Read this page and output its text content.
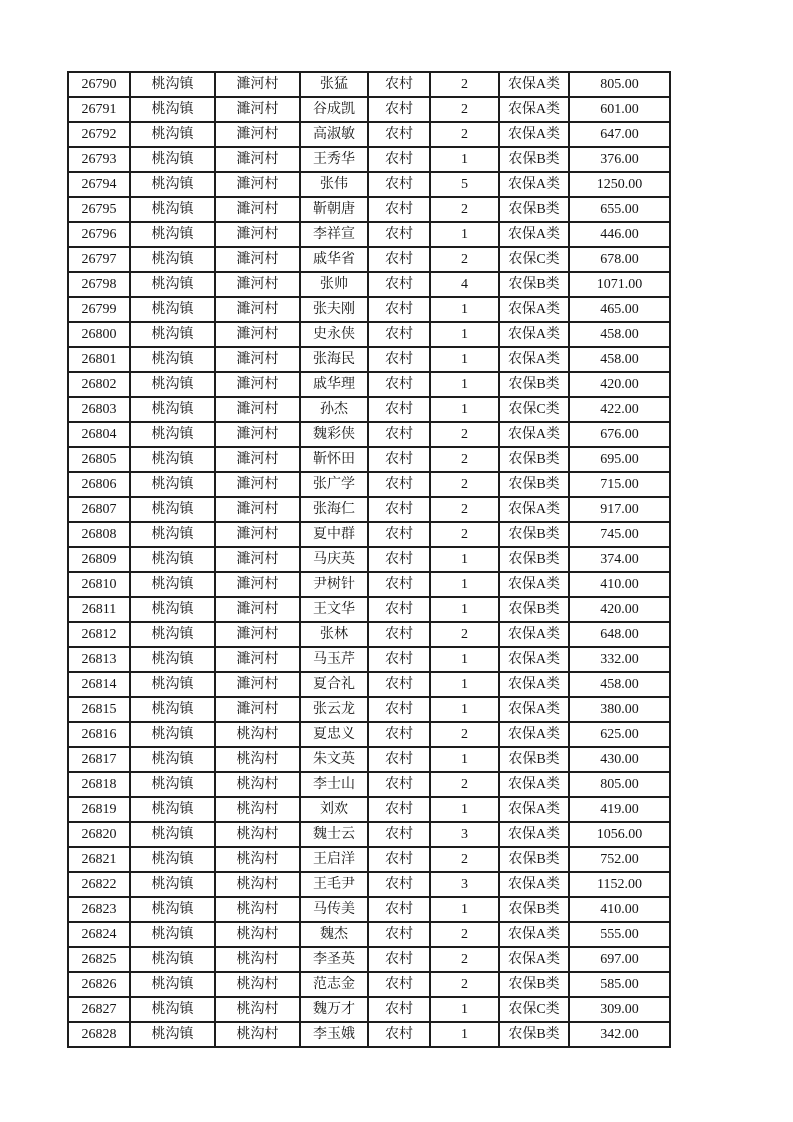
26790	桃沟镇	濉河村	张猛	农村	2	农保A类	805.00
26791	桃沟镇	濉河村	谷成凯	农村	2	农保A类	601.00
26792	桃沟镇	濉河村	高淑敏	农村	2	农保A类	647.00
26793	桃沟镇	濉河村	王秀华	农村	1	农保B类	376.00
26794	桃沟镇	濉河村	张伟	农村	5	农保A类	1250.00
26795	桃沟镇	濉河村	靳朝唐	农村	2	农保B类	655.00
26796	桃沟镇	濉河村	李祥宣	农村	1	农保A类	446.00
26797	桃沟镇	濉河村	戚华省	农村	2	农保C类	678.00
26798	桃沟镇	濉河村	张帅	农村	4	农保B类	1071.00
26799	桃沟镇	濉河村	张夫刚	农村	1	农保A类	465.00
26800	桃沟镇	濉河村	史永侠	农村	1	农保A类	458.00
26801	桃沟镇	濉河村	张海民	农村	1	农保A类	458.00
26802	桃沟镇	濉河村	戚华理	农村	1	农保B类	420.00
26803	桃沟镇	濉河村	孙杰	农村	1	农保C类	422.00
26804	桃沟镇	濉河村	魏彩侠	农村	2	农保A类	676.00
26805	桃沟镇	濉河村	靳怀田	农村	2	农保B类	695.00
26806	桃沟镇	濉河村	张广学	农村	2	农保B类	715.00
26807	桃沟镇	濉河村	张海仁	农村	2	农保A类	917.00
26808	桃沟镇	濉河村	夏中群	农村	2	农保B类	745.00
26809	桃沟镇	濉河村	马庆英	农村	1	农保B类	374.00
26810	桃沟镇	濉河村	尹树针	农村	1	农保A类	410.00
26811	桃沟镇	濉河村	王文华	农村	1	农保B类	420.00
26812	桃沟镇	濉河村	张林	农村	2	农保A类	648.00
26813	桃沟镇	濉河村	马玉芹	农村	1	农保A类	332.00
26814	桃沟镇	濉河村	夏合礼	农村	1	农保A类	458.00
26815	桃沟镇	濉河村	张云龙	农村	1	农保A类	380.00
26816	桃沟镇	桃沟村	夏忠义	农村	2	农保A类	625.00
26817	桃沟镇	桃沟村	朱文英	农村	1	农保B类	430.00
26818	桃沟镇	桃沟村	李士山	农村	2	农保A类	805.00
26819	桃沟镇	桃沟村	刘欢	农村	1	农保A类	419.00
26820	桃沟镇	桃沟村	魏士云	农村	3	农保A类	1056.00
26821	桃沟镇	桃沟村	王启洋	农村	2	农保B类	752.00
26822	桃沟镇	桃沟村	王毛尹	农村	3	农保A类	1152.00
26823	桃沟镇	桃沟村	马传美	农村	1	农保B类	410.00
26824	桃沟镇	桃沟村	魏杰	农村	2	农保A类	555.00
26825	桃沟镇	桃沟村	李圣英	农村	2	农保A类	697.00
26826	桃沟镇	桃沟村	范志金	农村	2	农保B类	585.00
26827	桃沟镇	桃沟村	魏万才	农村	1	农保C类	309.00
26828	桃沟镇	桃沟村	李玉娥	农村	1	农保B类	342.00
